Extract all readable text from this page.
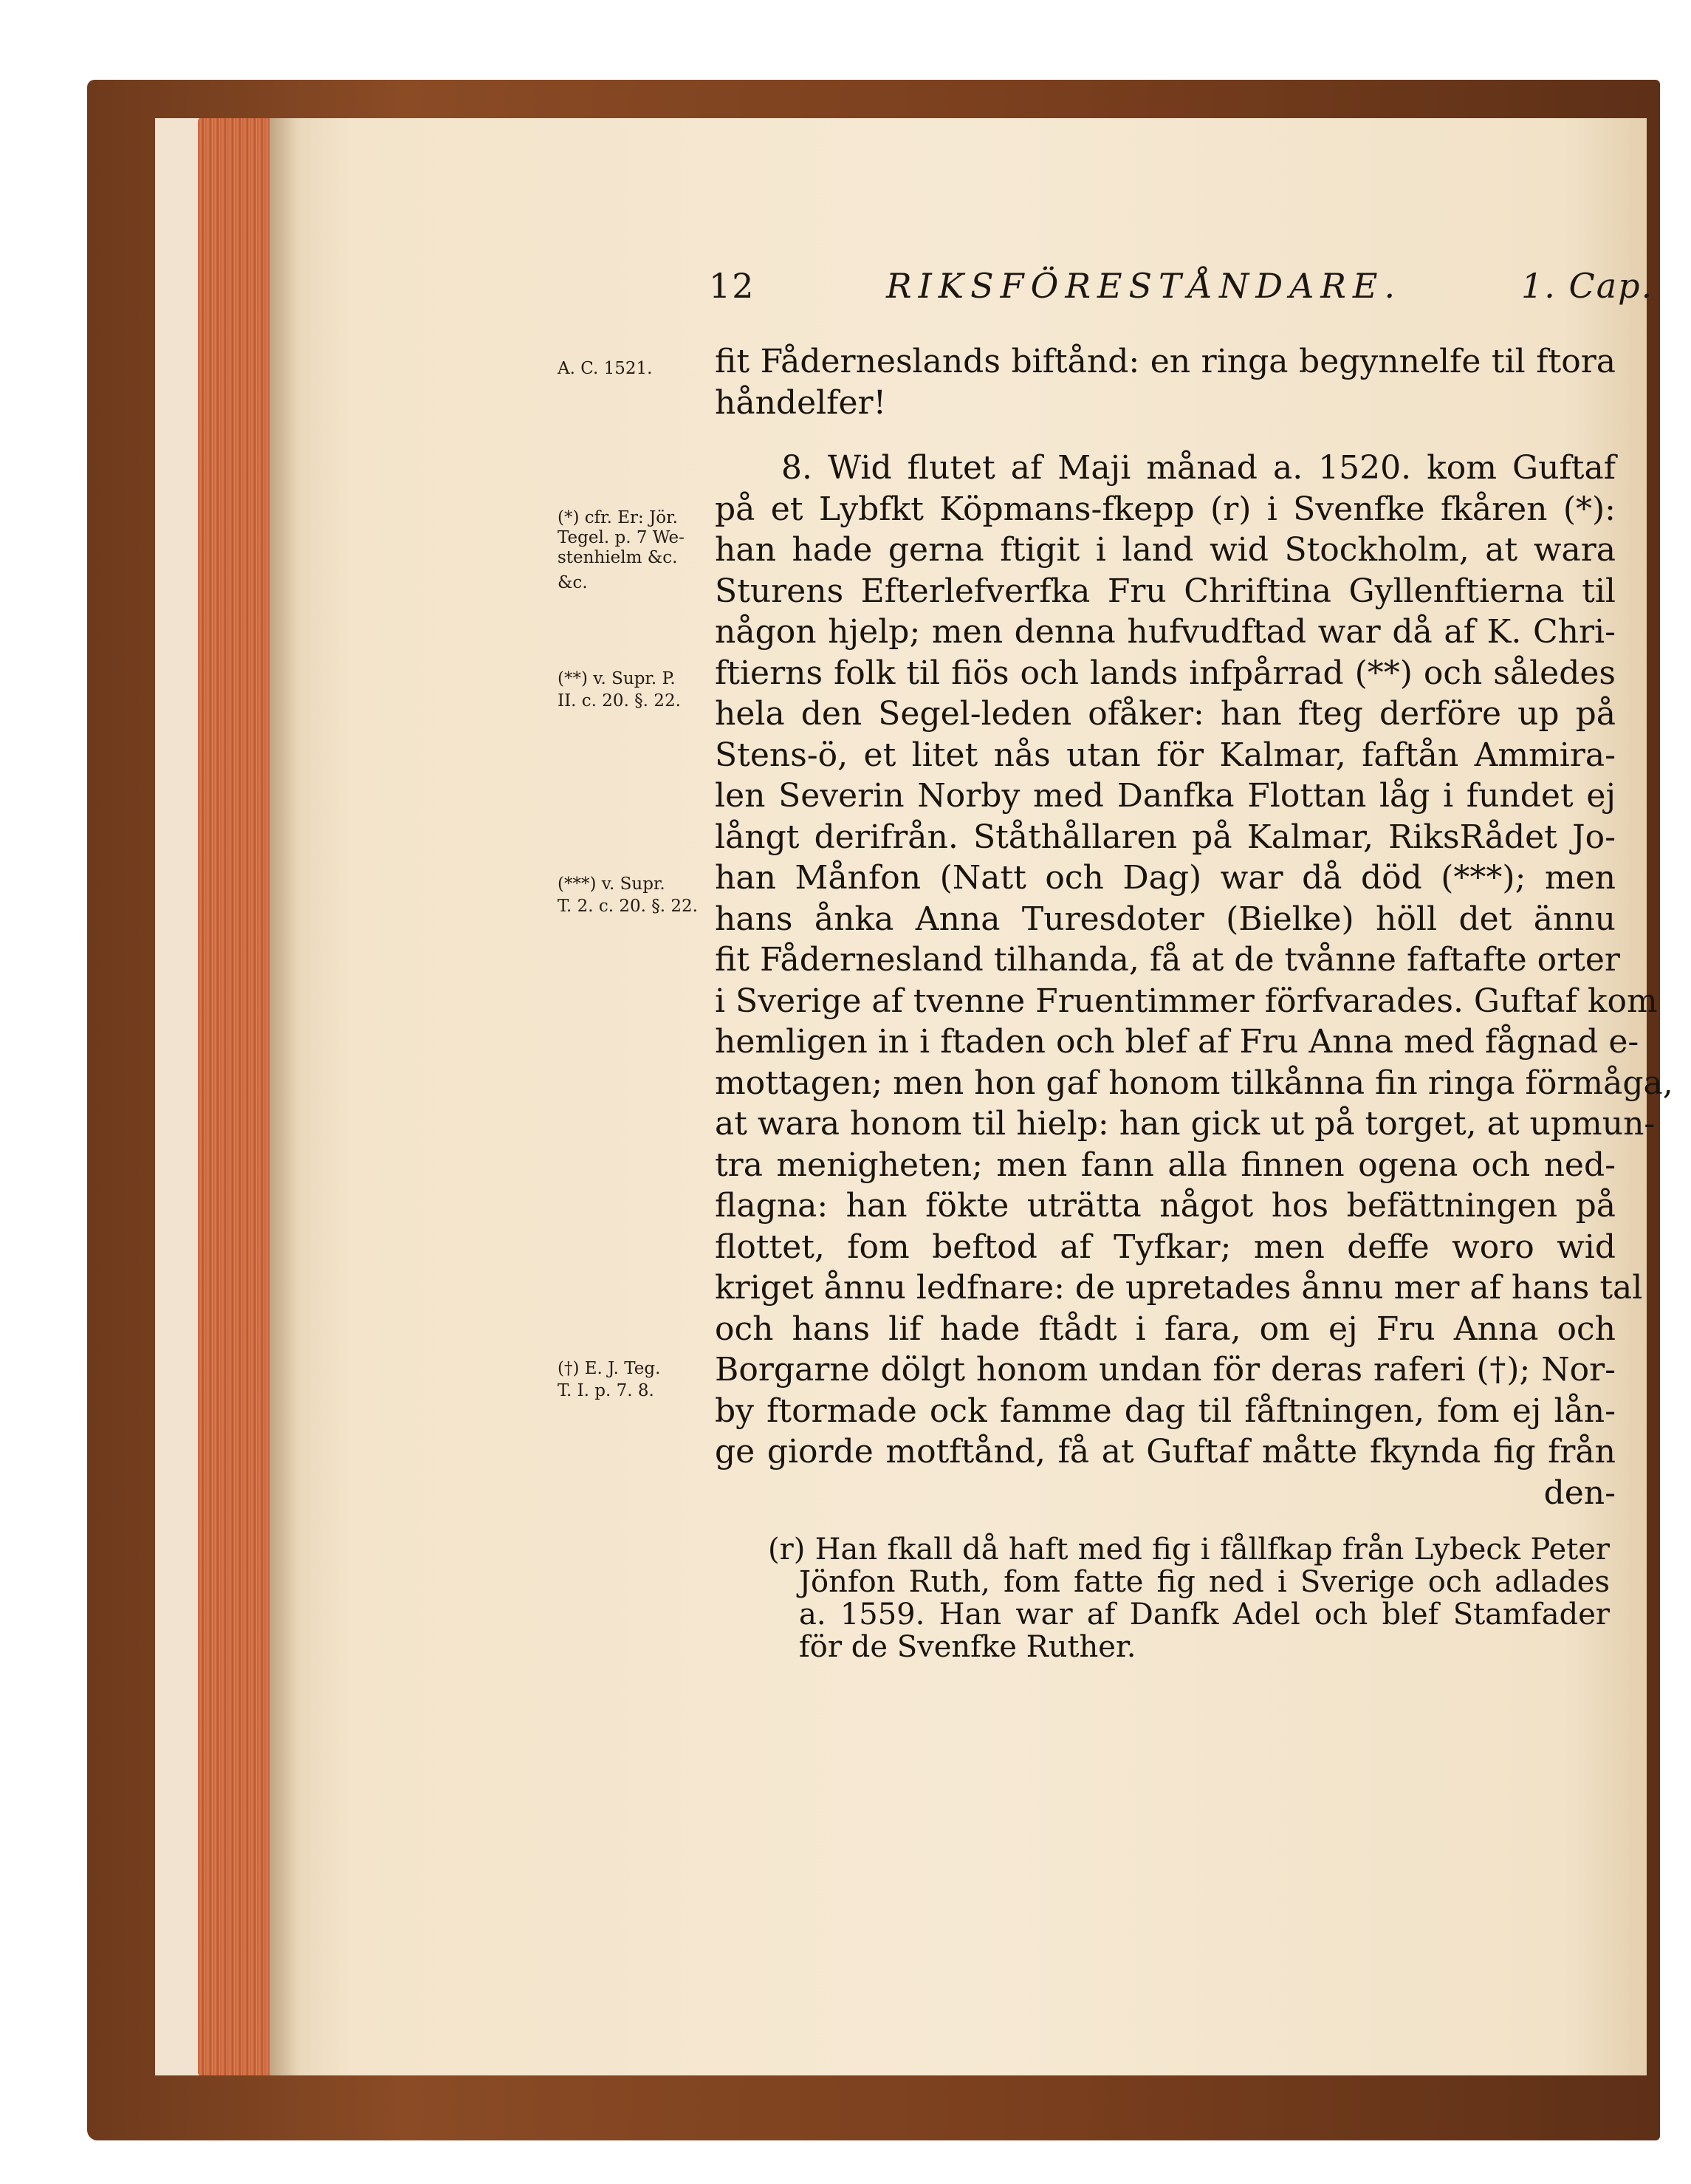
12	RIKSFÖRESTÅNDARE.	1. Cap.
A. C. 1521.
(*) cfr. Er: Jör.
Tegel. p. 7 We-
stenhielm &c.
&c.
(**) v. Supr. P.
II. c. 20. §. 22.
(***) v. Supr.
T. 2. c. 20. §. 22.
(†) E. J. Teg.
T. I. p. 7. 8.
fit Fåderneslands biftånd: en ringa begynnelfe til ftora
håndelfer!
8. Wid flutet af Maji månad a. 1520. kom Guftaf
på et Lybfkt Köpmans-fkepp (r) i Svenfke fkåren (*):
han hade gerna ftigit i land wid Stockholm, at wara
Sturens Efterlefverfka Fru Chriftina Gyllenftierna til
någon hjelp; men denna hufvudftad war då af K. Chri-
ftierns folk til fiös och lands infpårrad (**) och således
hela den Segel-leden ofåker: han fteg derföre up på
Stens-ö, et litet nås utan för Kalmar, faftån Ammira-
len Severin Norby med Danfka Flottan låg i fundet ej
långt derifrån. Ståthållaren på Kalmar, RiksRådet Jo-
han Månfon (Natt och Dag) war då död (***); men
hans ånka Anna Turesdoter (Bielke) höll det ännu
fit Fådernesland tilhanda, få at de tvånne faftafte orter
i Sverige af tvenne Fruentimmer förfvarades. Guftaf kom
hemligen in i ftaden och blef af Fru Anna med fågnad e-
mottagen; men hon gaf honom tilkånna fin ringa förmåga,
at wara honom til hielp: han gick ut på torget, at upmun-
tra menigheten; men fann alla finnen ogena och ned-
flagna: han fökte uträtta något hos befättningen på
flottet, fom beftod af Tyfkar; men deffe woro wid
kriget ånnu ledfnare: de upretades ånnu mer af hans tal
och hans lif hade ftådt i fara, om ej Fru Anna och
Borgarne dölgt honom undan för deras raferi (†); Nor-
by ftormade ock famme dag til fåftningen, fom ej lån-
ge giorde motftånd, få at Guftaf måtte fkynda fig från
den-
(r) Han fkall då haft med fig i fållfkap från Lybeck Peter
Jönfon Ruth, fom fatte fig ned i Sverige och adlades
a. 1559. Han war af Danfk Adel och blef Stamfader
för de Svenfke Ruther.
